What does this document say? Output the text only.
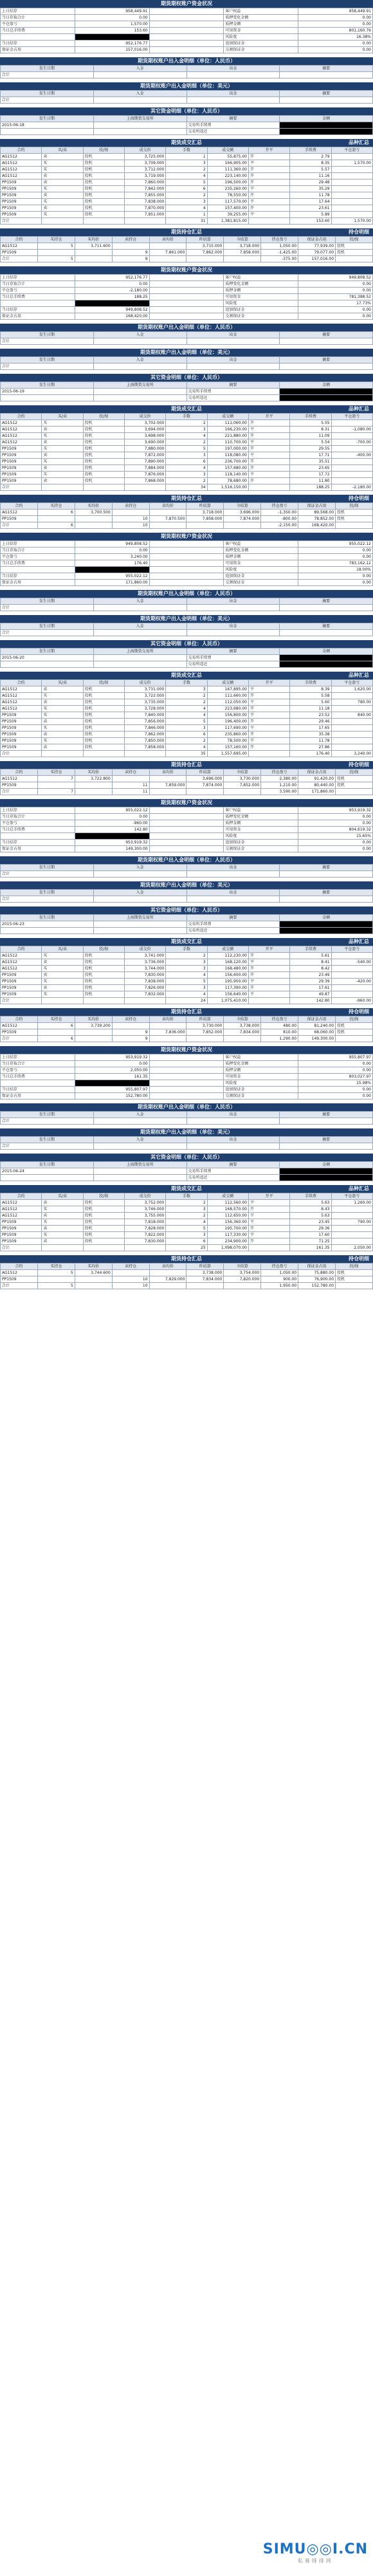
期货期权账户资金状况
上日结存	958,449.91		客户权益	958,449.91
当日存取合计	0.00		质押变化金额	0.00
平仓盈亏	1,570.00		质押金额	0.00
当日总手续费	153.60		可用资金	801,160.76
			风险度	16.38%
当日结存	952,176.77		追加保证金	0.00
保证金占用	157,016.00		交割保证金	0.00
期货期权账户出入金明细（单位：人民币）
发生日期	入金	出金	摘要
合计			
期货期权账户出入金明细（单位：美元）
发生日期	入金	出金	摘要
合计			
其它资金明细（单位：人民币）
发生日期	上海期货交易所	摘要	金额
2015-06-18		交易所手续费	
		交易所返还	
期货成交汇总	品种汇总
合约	买/卖	投/保	成交价	手数	成交额	开平	手续费	平仓盈亏
AG1512	卖	投机	3,725.000	1	55,875.00	开	2.79	
AG1512	买	投机	3,709.000	3	166,905.00	平	8.35	1,570.00
AG1512	买	投机	3,712.000	2	111,360.00	开	5.57	
AG1512	卖	投机	3,719.000	4	223,140.00	开	11.16	
PP1509	卖	投机	7,860.000	5	196,500.00	开	29.48	
PP1509	买	投机	7,842.000	6	235,260.00	平	35.29	
PP1509	卖	投机	7,855.000	2	78,550.00	开	11.78	
PP1509	买	投机	7,838.000	3	117,570.00	平	17.64	
PP1509	卖	投机	7,870.000	4	157,400.00	开	23.61	
PP1509	买	投机	7,851.000	1	39,255.00	平	5.89	
合计				31	1,381,815.00		153.60	1,570.00
期货持仓汇总	持仓明细
合约	买持仓	买均价	卖持仓	卖均价	昨结算	今结算	持仓盈亏	保证金占用	投/保
AG1512	5	3,711.600			3,715.000	3,718.000	1,050.00	77,939.00	投机
PP1509			9	7,861.000	7,862.000	7,858.000	-1,425.00	79,077.00	投机
合计	5		9				-375.00	157,016.00	
期货期权账户资金状况
上日结存	952,176.77		客户权益	949,808.52
当日存取合计	0.00		质押变化金额	0.00
平仓盈亏	-2,180.00		质押金额	0.00
当日总手续费	188.25		可用资金	781,388.52
			风险度	17.73%
当日结存	949,808.52		追加保证金	0.00
保证金占用	168,420.00		交割保证金	0.00
期货期权账户出入金明细（单位：人民币）
发生日期	入金	出金	摘要
合计			
期货期权账户出入金明细（单位：美元）
发生日期	入金	出金	摘要
合计			
其它资金明细（单位：人民币）
发生日期	上海期货交易所	摘要	金额
2015-06-19		交易所手续费	
		交易所返还	
期货成交汇总	品种汇总
合约	买/卖	投/保	成交价	手数	成交额	开平	手续费	平仓盈亏
AG1512	买	投机	3,702.000	2	111,060.00	开	5.55	
AG1512	卖	投机	3,694.000	3	166,230.00	平	8.31	-1,080.00
AG1512	买	投机	3,698.000	4	221,880.00	开	11.09	
AG1512	卖	投机	3,690.000	2	110,700.00	平	5.54	-700.00
PP1509	买	投机	7,880.000	5	197,000.00	开	29.55	
PP1509	卖	投机	7,872.000	3	118,080.00	平	17.71	-400.00
PP1509	买	投机	7,890.000	6	236,700.00	开	35.51	
PP1509	卖	投机	7,884.000	4	157,680.00	开	23.65	
PP1509	买	投机	7,876.000	3	118,140.00	平	17.72	
PP1509	卖	投机	7,868.000	2	78,680.00	开	11.80	
合计				34	1,516,150.00		188.25	-2,180.00
期货持仓汇总	持仓明细
合约	买持仓	买均价	卖持仓	卖均价	昨结算	今结算	持仓盈亏	保证金占用	投/保
AG1512	6	3,700.500			3,718.000	3,696.000	-1,350.00	89,568.00	投机
PP1509			10	7,870.500	7,858.000	7,874.000	-800.00	78,852.00	投机
合计	6		10				-2,150.00	168,420.00	
期货期权账户资金状况
上日结存	949,808.52		客户权益	955,022.12
当日存取合计	0.00		质押变化金额	0.00
平仓盈亏	3,240.00		质押金额	0.00
当日总手续费	176.40		可用资金	783,162.12
			风险度	18.00%
当日结存	955,022.12		追加保证金	0.00
保证金占用	171,860.00		交割保证金	0.00
期货期权账户出入金明细（单位：人民币）
发生日期	入金	出金	摘要
合计			
期货期权账户出入金明细（单位：美元）
发生日期	入金	出金	摘要
合计			
其它资金明细（单位：人民币）
发生日期	上海期货交易所	摘要	金额
2015-06-20		交易所手续费	
		交易所返还	
期货成交汇总	品种汇总
合约	买/卖	投/保	成交价	手数	成交额	开平	手续费	平仓盈亏
AG1512	卖	投机	3,731.000	3	167,895.00	平	8.39	1,620.00
AG1512	买	投机	3,722.000	2	111,660.00	开	5.58	
AG1512	卖	投机	3,735.000	2	112,050.00	平	5.60	780.00
AG1512	买	投机	3,728.000	4	223,680.00	开	11.18	
PP1509	买	投机	7,840.000	4	156,800.00	平	23.52	840.00
PP1509	卖	投机	7,856.000	5	196,400.00	开	29.46	
PP1509	买	投机	7,846.000	3	117,690.00	平	17.65	
PP1509	卖	投机	7,862.000	6	235,860.00	开	35.38	
PP1509	买	投机	7,850.000	2	78,500.00	平	11.78	
PP1509	卖	投机	7,858.000	4	157,160.00	开	27.86	
合计				35	1,557,695.00		176.40	3,240.00
期货持仓汇总	持仓明细
合约	买持仓	买均价	卖持仓	卖均价	昨结算	今结算	持仓盈亏	保证金占用	投/保
AG1512	7	3,722.800			3,696.000	3,730.000	2,380.00	91,420.00	投机
PP1509			11	7,859.000	7,874.000	7,852.000	1,210.00	80,440.00	投机
合计	7		11				3,590.00	171,860.00	
期货期权账户资金状况
上日结存	955,022.12		客户权益	953,919.32
当日存取合计	0.00		质押变化金额	0.00
平仓盈亏	-960.00		质押金额	0.00
当日总手续费	142.80		可用资金	804,619.32
			风险度	15.65%
当日结存	953,919.32		追加保证金	0.00
保证金占用	149,300.00		交割保证金	0.00
期货期权账户出入金明细（单位：人民币）
发生日期	入金	出金	摘要
合计			
期货期权账户出入金明细（单位：美元）
发生日期	入金	出金	摘要
合计			
其它资金明细（单位：人民币）
发生日期	上海期货交易所	摘要	金额
2015-06-23		交易所手续费	
		交易所返还	
期货成交汇总	品种汇总
合约	买/卖	投/保	成交价	手数	成交额	开平	手续费	平仓盈亏
AG1512	买	投机	3,741.000	2	112,230.00	开	5.61	
AG1512	卖	投机	3,736.000	3	168,120.00	平	8.41	-540.00
AG1512	买	投机	3,744.000	3	168,480.00	开	8.42	
PP1509	卖	投机	7,830.000	4	156,600.00	开	23.49	
PP1509	买	投机	7,838.000	5	195,950.00	平	29.39	-420.00
PP1509	卖	投机	7,826.000	3	117,390.00	开	17.61	
PP1509	买	投机	7,832.000	4	156,640.00	平	49.87	
合计				24	1,075,410.00		142.80	-960.00
期货持仓汇总	持仓明细
合约	买持仓	买均价	卖持仓	卖均价	昨结算	今结算	持仓盈亏	保证金占用	投/保
AG1512	6	3,739.200			3,730.000	3,738.000	480.00	81,240.00	投机
PP1509			9	7,836.000	7,852.000	7,834.000	810.00	68,060.00	投机
合计	6		9				1,290.00	149,300.00	
期货期权账户资金状况
上日结存	953,919.32		客户权益	955,807.97
当日存取合计	0.00		质押变化金额	0.00
平仓盈亏	2,050.00		质押金额	0.00
当日总手续费	161.35		可用资金	803,027.97
			风险度	15.98%
当日结存	955,807.97		追加保证金	0.00
保证金占用	152,780.00		交割保证金	0.00
期货期权账户出入金明细（单位：人民币）
发生日期	入金	出金	摘要
合计			
期货期权账户出入金明细（单位：美元）
发生日期	入金	出金	摘要
合计			
其它资金明细（单位：人民币）
发生日期	上海期货交易所	摘要	金额
2015-06-24		交易所手续费	
		交易所返还	
期货成交汇总	品种汇总
合约	买/卖	投/保	成交价	手数	成交额	开平	手续费	平仓盈亏
AG1512	卖	投机	3,752.000	2	112,560.00	平	5.63	1,260.00
AG1512	买	投机	3,746.000	3	168,570.00	开	8.43	
AG1512	卖	投机	3,755.000	2	112,650.00	平	5.63	
PP1509	买	投机	7,818.000	4	156,360.00	平	23.45	790.00
PP1509	卖	投机	7,828.000	5	195,700.00	开	29.36	
PP1509	买	投机	7,822.000	3	117,330.00	平	17.60	
PP1509	卖	投机	7,830.000	6	234,900.00	开	71.25	
合计				25	1,098,070.00		161.35	2,050.00
期货持仓汇总	持仓明细
合约	买持仓	买均价	卖持仓	卖均价	昨结算	今结算	持仓盈亏	保证金占用	投/保
AG1512	5	3,744.600			3,738.000	3,754.000	1,050.00	75,880.00	投机
PP1509			10	7,829.000	7,834.000	7,820.000	900.00	76,900.00	投机
合计	5		10				1,950.00	152,780.00	
SIMU◎◎I.CN
私募排排网
